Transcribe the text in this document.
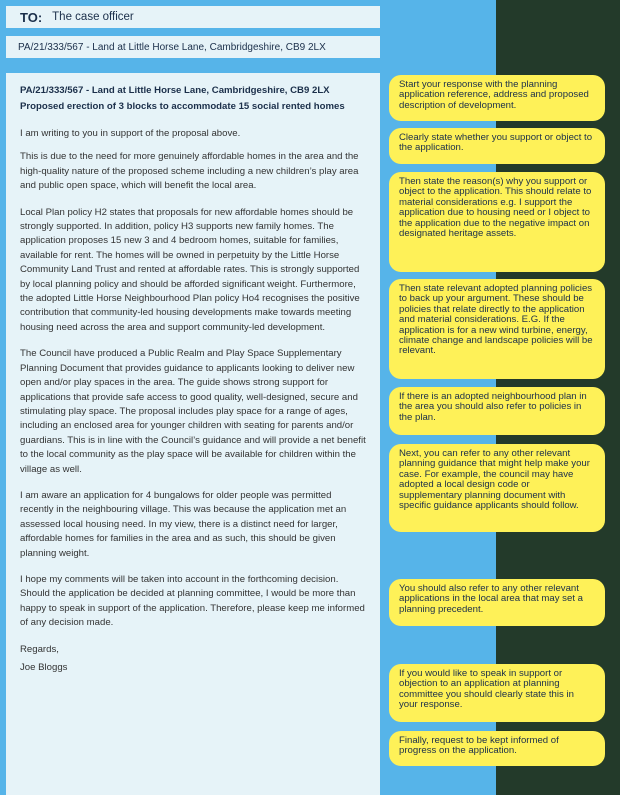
TO: The case officer
PA/21/333/567 - Land at Little Horse Lane, Cambridgeshire, CB9 2LX
PA/21/333/567 - Land at Little Horse Lane, Cambridgeshire, CB9 2LX
Proposed erection of 3 blocks to accommodate 15 social rented homes

I am writing to you in support of the proposal above.

This is due to the need for more genuinely affordable homes in the area and the high-quality nature of the proposed scheme including a new children’s play area and public open space, which will benefit the local area.

Local Plan policy H2 states that proposals for new affordable homes should be strongly supported. In addition, policy H3 supports new family homes. The application proposes 15 new 3 and 4 bedroom homes, suitable for families, available for rent. The homes will be owned in perpetuity by the Little Horse Community Land Trust and rented at affordable rates. This is strongly supported by local planning policy and should be afforded significant weight. Furthermore, the adopted Little Horse Neighbourhood Plan policy Ho4 recognises the positive contribution that community-led housing developments make towards meeting housing need across the area and support community-led development.

The Council have produced a Public Realm and Play Space Supplementary Planning Document that provides guidance to applicants looking to deliver new open and/or play spaces in the area. The guide shows strong support for applications that provide safe access to good quality, well-designed, secure and stimulating play space. The proposal includes play space for a range of ages, including an enclosed area for younger children with seating for parents and/or guardians. This is in line with the Council’s guidance and will provide a net benefit to the local community as the play space will be available for children within the village as well.

I am aware an application for 4 bungalows for older people was permitted recently in the neighbouring village. This was because the application met an assessed local housing need. In my view, there is a distinct need for larger, affordable homes for families in the area and as such, this should be given planning weight.

I hope my comments will be taken into account in the forthcoming decision. Should the application be decided at planning committee, I would be more than happy to speak in support of the application. Therefore, please keep me informed of any decision made.

Regards,

Joe Bloggs

Start your response with the planning application reference, address and proposed description of development.
Clearly state whether you support or object to the application.
Then state the reason(s) why you support or object to the application. This should relate to material considerations e.g. I support the application due to housing need or I object to the application due to the negative impact on designated heritage assets.
Then state relevant adopted planning policies to back up your argument. These should be policies that relate directly to the application and material considerations. E.G. If the application is for a new wind turbine, energy, climate change and landscape policies will be relevant.
If there is an adopted neighbourhood plan in the area you should also refer to policies in the plan.
Next, you can refer to any other relevant planning guidance that might help make your case. For example, the council may have adopted a local design code or supplementary planning document with specific guidance applicants should follow.
You should also refer to any other relevant applications in the local area that may set a planning precedent.
If you would like to speak in support or objection to an application at planning committee you should clearly state this in your response.
Finally, request to be kept informed of progress on the application.
